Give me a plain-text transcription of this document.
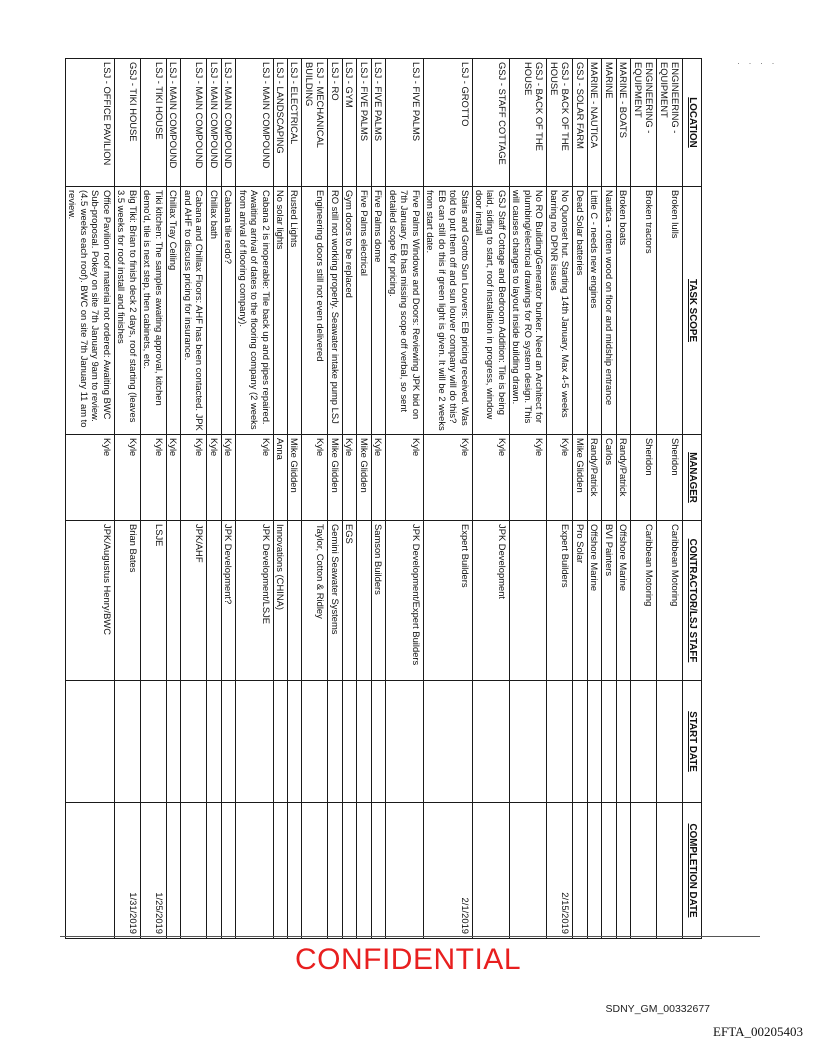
· · · ·
LOCATION	TASK SCOPE	MANAGER	CONTRACTOR/LSJ STAFF	START DATE	COMPLETION DATE
ENGINEERING - EQUIPMENT	Broken lulls	Sheridon	Caribbean Motoring		
ENGINEERING - EQUIPMENT	Broken tractors	Sheridon	Caribbean Motoring		
MARINE - BOATS	Broken boats	Randy/Patrick	Offshore Marine		
MARINE	Nautica - rotten wood on floor and midship entrance	Carlos	BVI Painters		
MARINE - NAUTICA	Little C - needs new engines	Randy/Patrick	Offshore Marine		
GSJ - SOLAR FARM	Dead Solar batteries	Mike Glidden	Pro Solar		
GSJ - BACK OF THE HOUSE	No Quonset hut. Starting 14th January. Max 4-5 weeks barring no DPNR issues	Kyle	Expert Builders		2/15/2019
GSJ - BACK OF THE HOUSE	No RO Building/Generator bunker. Need an Architect for plumbing/electrical drawings for RO system design. This will causes changes to layout inside building drawn.	Kyle			
GSJ - STAFF COTTAGE	GSJ Staff Cottage and Bedroom Addition: Tile is being laid, siding to start, roof installation in progress, window door install	Kyle	JPK Development		
LSJ - GROTTO	Stairs and Grotto Sun Louvers: EB pricing received. Was told to put them off and sun louver company will do this? EB can still do this if green light is given. It will be 2 weeks from start date.	Kyle	Expert Builders		2/1/2019
LSJ - FIVE PALMS	Five Palms Windows and Doors: Reviewing JPK bid on 7th January. EB has missing scope off verbal, so sent detailed scope for pricing.	Kyle	JPK Development/Expert Builders		
LSJ - FIVE PALMS	Five Palms dome	Kyle	Samson Builders		
LSJ - FIVE PALMS	Five Palms electrical	Mike Glidden			
LSJ - GYM	Gym doors to be replaced	Kyle	EGS		
LSJ - RO	RO still not working properly. Seawater intake pump LSJ	Mike Glidden	Gemini Seawater Systems		
LSJ - MECHANICAL BUILDING	Engineering doors still not even delivered	Kyle	Taylor, Cotton & Ridley		
LSJ - ELECTRICAL	Rusted Lights	Mike Glidden			
LSJ - LANDSCAPING	No solar lights	Anna	Innovations (CHINA)		
LSJ - MAIN COMPOUND	Cabana 2 is inoperable: Tile back up and pipes repaired. Awaiting arrival of dates to the flooring company (2 weeks from arrival of flooring company).	Kyle	JPK Development/LSJE		
LSJ - MAIN COMPOUND	Cabana tile redo?	Kyle	JPK Development?		
LSJ - MAIN COMPOUND	Chillax bath	Kyle			
LSJ - MAIN COMPOUND	Cabana and Chillax Floors: AHF has been contacted. JPK and AHF to discuss pricing for insurance.	Kyle	JPK/AHF		
LSJ - MAIN COMPOUND	Chillax Tray Ceiling	Kyle			
LSJ - TIKI HOUSE	Tiki kitchen: The samples awaiting approval, kitchen demo'd, tile is next step, then cabinets, etc.	Kyle	LSJE		1/25/2019
GSJ - TIKI HOUSE	Big Tiki: Brian to finish deck 2 days, roof starting (leaves 3.5 weeks for roof install and finishes	Kyle	Brian Bates		1/31/2019
LSJ - OFFICE PAVILION	Office Pavilion roof material not ordered: Awaiting BWC Sub-proposal. Pokey on site 7th January 9am to review. (4.5 weeks each roof). BWC on site 7th January 11 am to review.	Kyle	JPK/Augustus Henry/BWC		
CONFIDENTIAL
SDNY_GM_00332677
EFTA_00205403
